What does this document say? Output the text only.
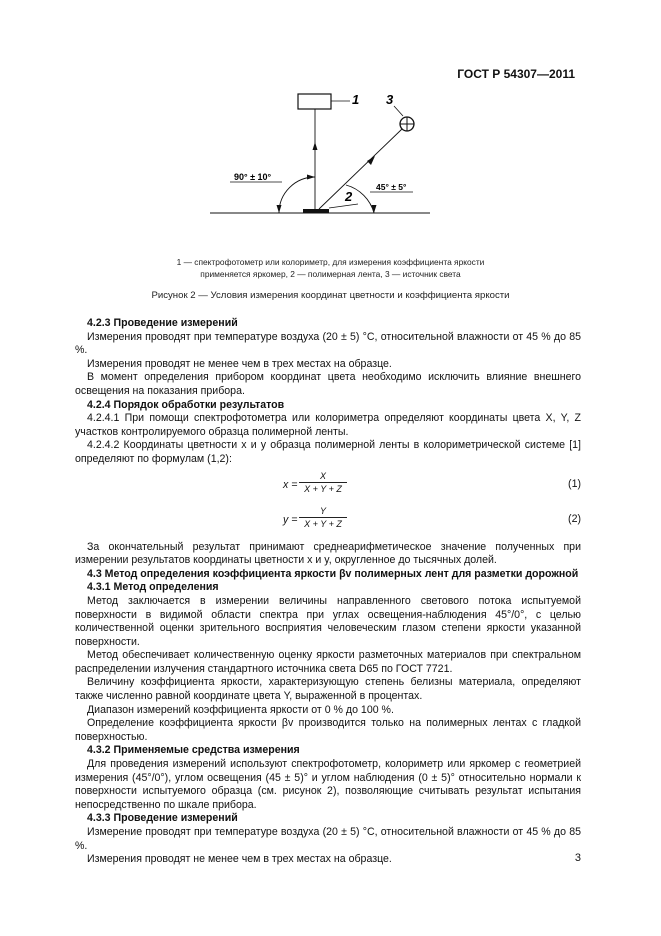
ГОСТ Р 54307—2011
1 3
2
90° ± 10°
45° ± 5°
1 — спектрофотометр или колориметр, для измерения коэффициента яркости
применяется яркомер, 2 — полимерная лента, 3 — источник света
Рисунок 2 — Условия измерения координат цветности и коэффициента яркости
4.2.3 Проведение измерений

Измерения проводят при температуре воздуха (20 ± 5) °С, относительной влажности от 45 % до 85 %.

Измерения проводят не менее чем в трех местах на образце.

В момент определения прибором координат цвета необходимо исключить влияние внешнего освещения на показания прибора.

4.2.4 Порядок обработки результатов

4.2.4.1 При помощи спектрофотометра или колориметра определяют координаты цвета X, Y, Z участков контролируемого образца полимерной ленты.

4.2.4.2 Координаты цветности x и y образца полимерной ленты в колориметрической системе [1] определяют по формулам (1,2):

$x = \frac{X}{X + Y + Z}$	(1)
$y = \frac{Y}{X + Y + Z}$	(2)

За окончательный результат принимают среднеарифметическое значение полученных при измерении результатов координаты цветности x и y, округленное до тысячных долей.

4.3 Метод определения коэффициента яркости βv полимерных лент для разметки дорожной
4.3.1 Метод определения

Метод заключается в измерении величины направленного светового потока испытуемой поверхности в видимой области спектра при углах освещения-наблюдения 45°/0°, с целью количественной оценки зрительного восприятия человеческим глазом степени яркости указанной поверхности.

Метод обеспечивает количественную оценку яркости разметочных материалов при спектральном распределении излучения стандартного источника света D65 по ГОСТ 7721.

Величину коэффициента яркости, характеризующую степень белизны материала, определяют также численно равной координате цвета Y, выраженной в процентах.

Диапазон измерений коэффициента яркости от 0 % до 100 %.

Определение коэффициента яркости βv производится только на полимерных лентах с гладкой поверхностью.

4.3.2 Применяемые средства измерения

Для проведения измерений используют спектрофотометр, колориметр или яркомер с геометрией измерения (45°/0°), углом освещения (45 ± 5)° и углом наблюдения (0 ± 5)° относительно нормали к поверхности испытуемого образца (см. рисунок 2), позволяющие считывать результат испытания непосредственно по шкале прибора.

4.3.3 Проведение измерений

Измерение проводят при температуре воздуха (20 ± 5) °С, относительной влажности от 45 % до 85 %.

Измерения проводят не менее чем в трех местах на образце.	3
